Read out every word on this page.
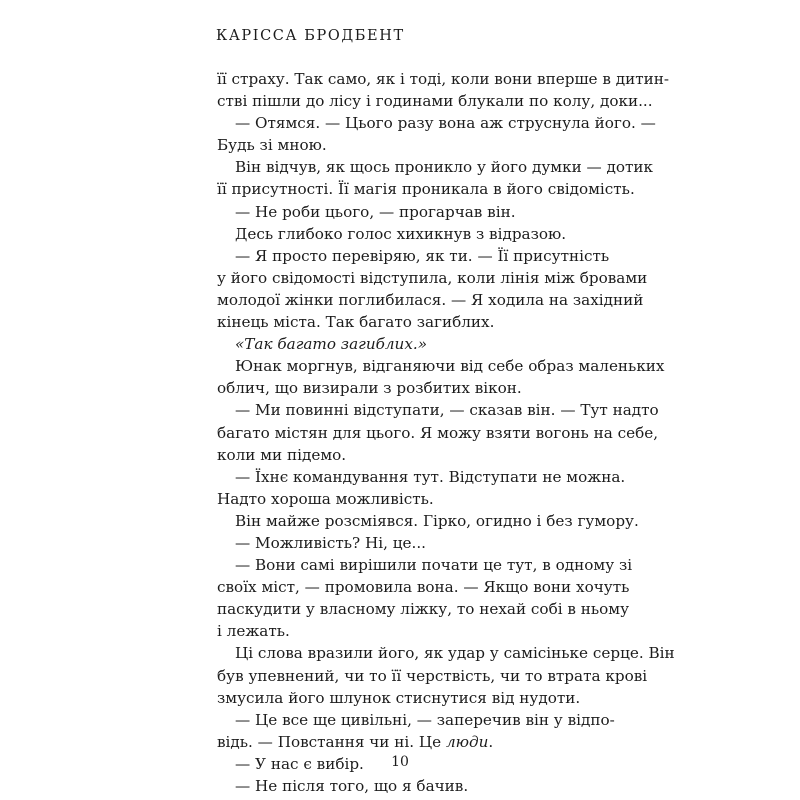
КАРІССА БРОДБЕНТ
її страху. Так само, як і тоді, коли вони вперше в дитин-
стві пішли до лісу і годинами блукали по колу, доки...
— Отямся. — Цього разу вона аж струснула його. —
Будь зі мною.
Він відчув, як щось проникло у його думки — дотик
її присутності. Її магія проникала в його свідомість.
— Не роби цього, — прогарчав він.
Десь глибоко голос хихикнув з відразою.
— Я просто перевіряю, як ти. — Її присутність
у його свідомості відступила, коли лінія між бровами
молодої жінки поглибилася. — Я ходила на західний
кінець міста. Так багато загиблих.
«Так багато загиблих.»
Юнак моргнув, відганяючи від себе образ маленьких
облич, що визирали з розбитих вікон.
— Ми повинні відступати, — сказав він. — Тут надто
багато містян для цього. Я можу взяти вогонь на себе,
коли ми підемо.
— Їхнє командування тут. Відступати не можна.
Надто хороша можливість.
Він майже розсміявся. Гірко, огидно і без гумору.
— Можливість? Ні, це...
— Вони самі вирішили почати це тут, в одному зі
своїх міст, — промовила вона. — Якщо вони хочуть
паскудити у власному ліжку, то нехай собі в ньому
і лежать.
Ці слова вразили його, як удар у самісіньке серце. Він
був упевнений, чи то її черствість, чи то втрата крові
змусила його шлунок стиснутися від нудоти.
— Це все ще цивільні, — заперечив він у відпо-
відь. — Повстання чи ні. Це люди.
— У нас є вибір.
— Не після того, що я бачив.
10
